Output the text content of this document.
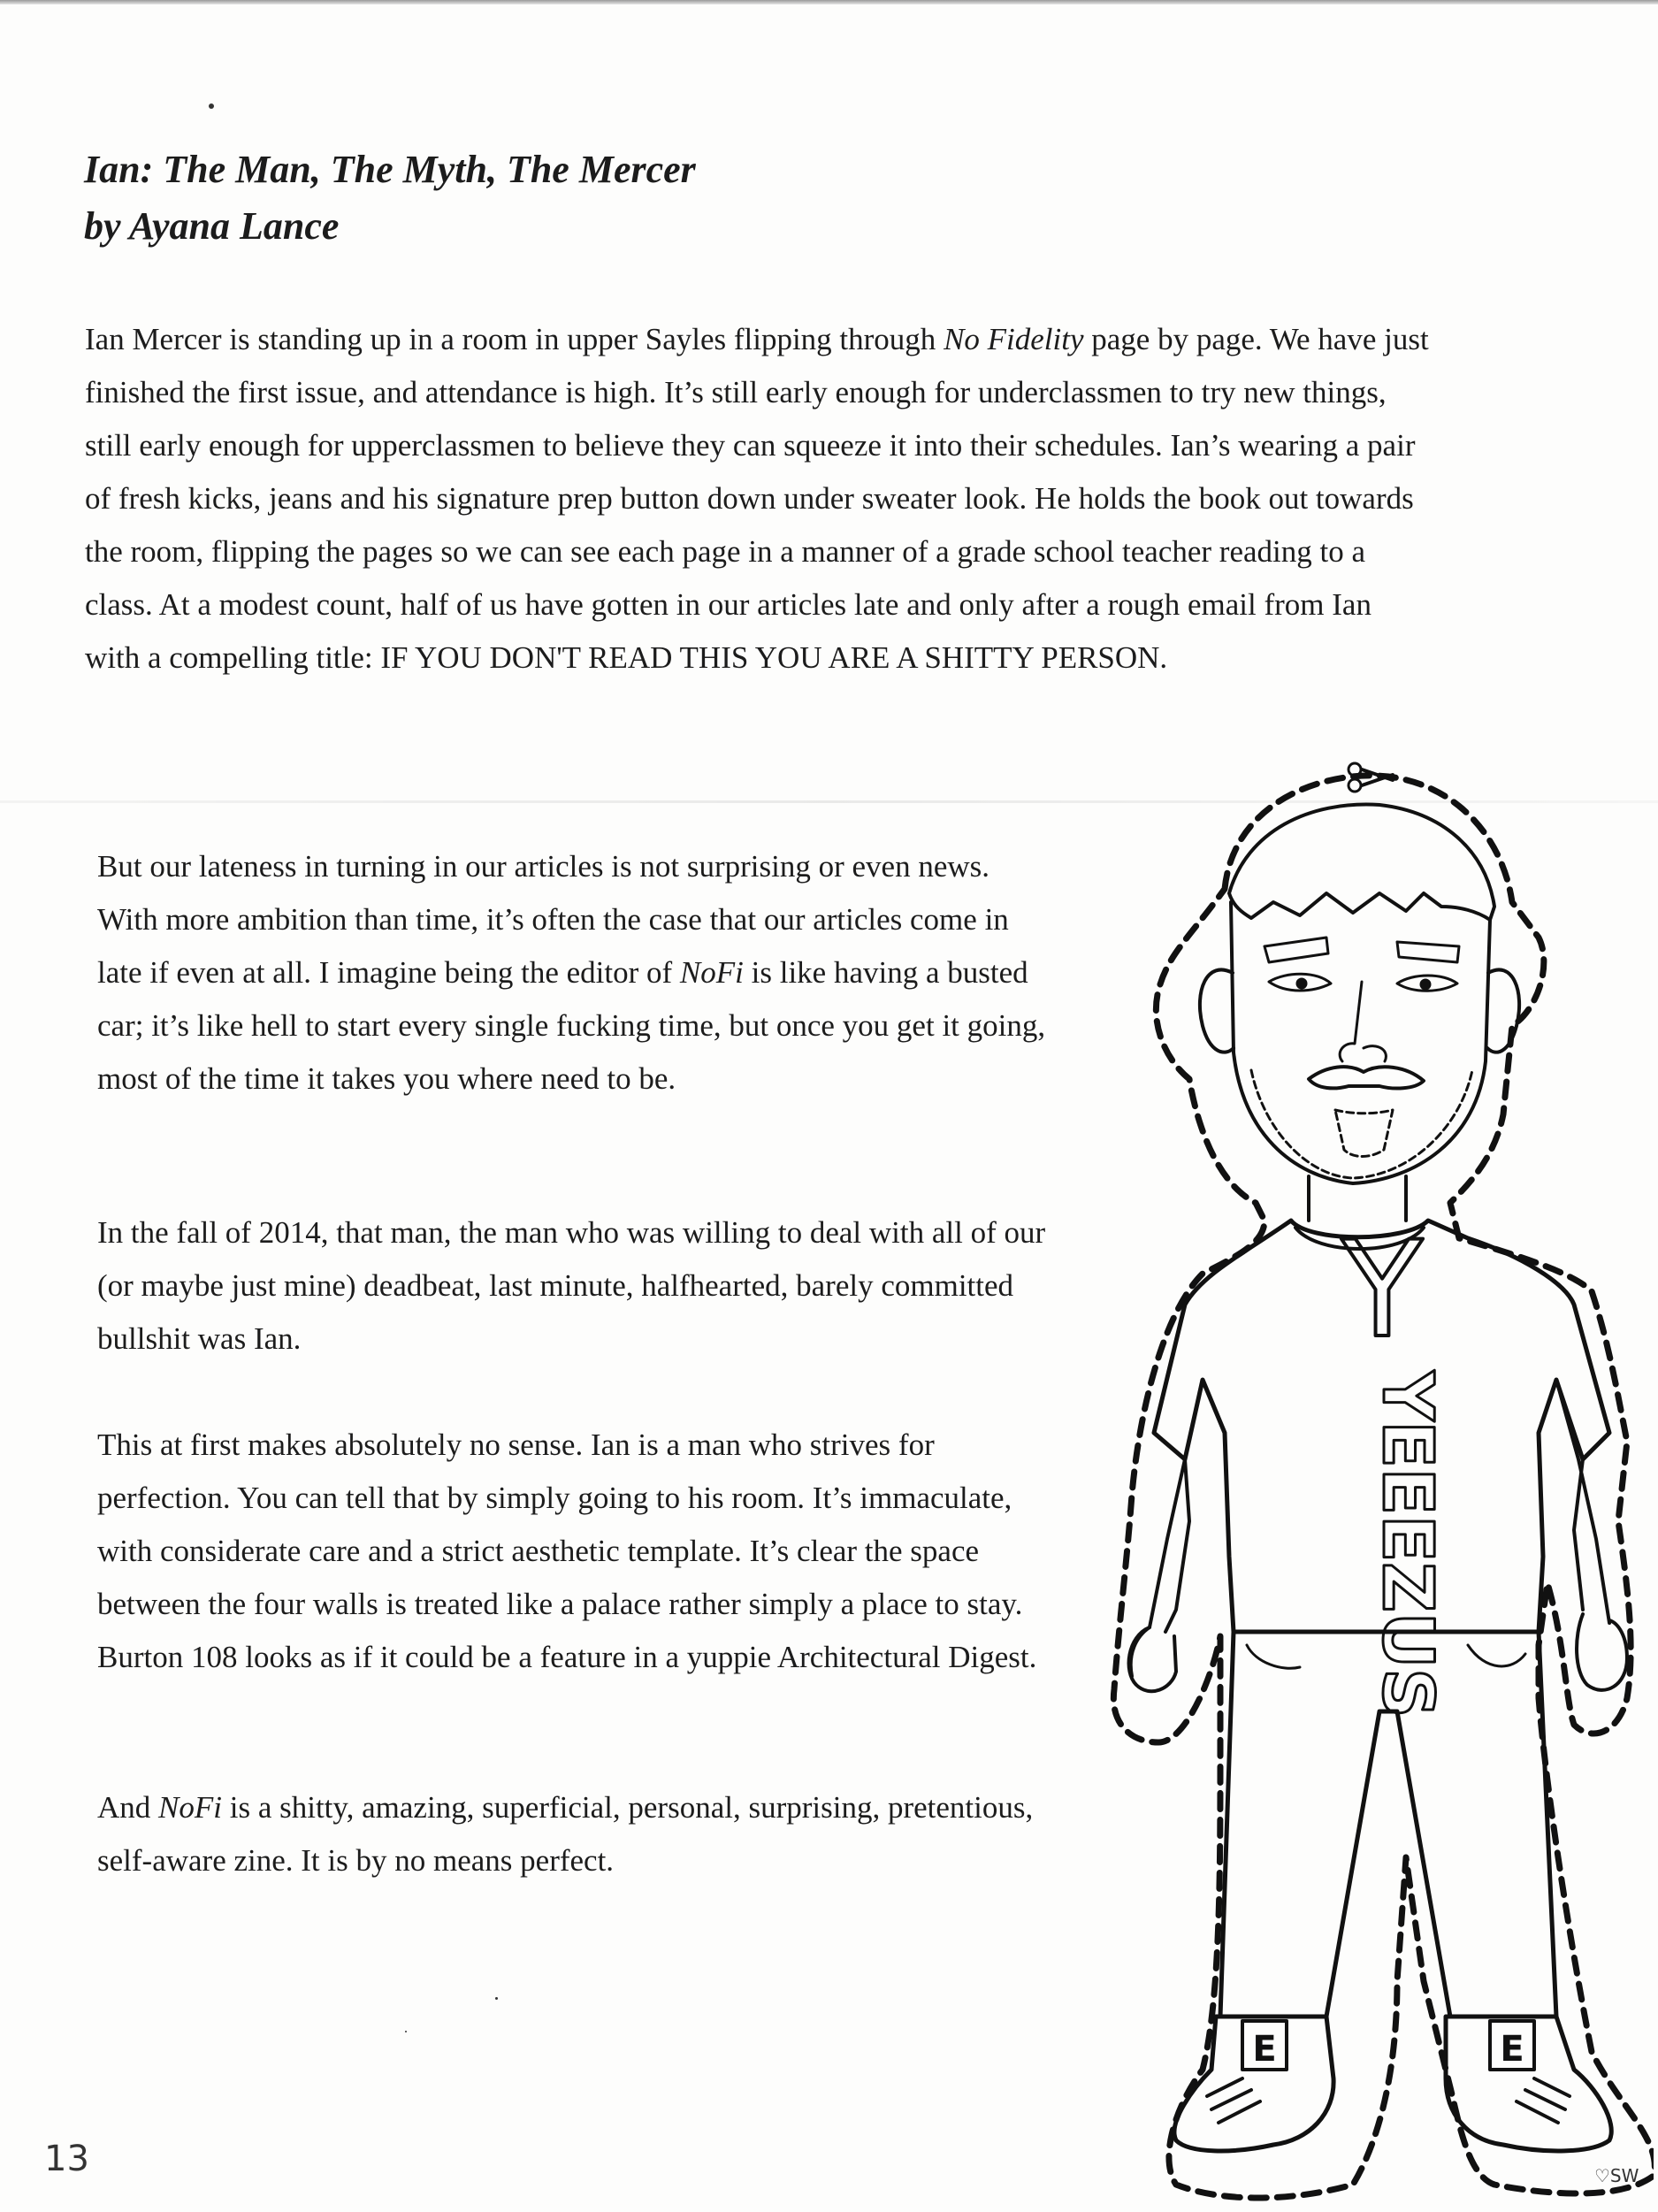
Ian: The Man, The Myth, The Mercer
by Ayana Lance

Ian Mercer is standing up in a room in upper Sayles flipping through No Fidelity page by page. We have just finished the first issue, and attendance is high. It’s still early enough for underclassmen to try new things, still early enough for upperclassmen to believe they can squeeze it into their schedules. Ian’s wearing a pair of fresh kicks, jeans and his signature prep button down under sweater look. He holds the book out towards the room, flipping the pages so we can see each page in a manner of a grade school teacher reading to a class. At a modest count, half of us have gotten in our articles late and only after a rough email from Ian with a compelling title: IF YOU DON'T READ THIS YOU ARE A SHITTY PERSON.

But our lateness in turning in our articles is not surprising or even news. With more ambition than time, it’s often the case that our articles come in late if even at all. I imagine being the editor of NoFi is like having a busted car; it’s like hell to start every single fucking time, but once you get it going, most of the time it takes you where need to be.

In the fall of 2014, that man, the man who was willing to deal with all of our (or maybe just mine) deadbeat, last minute, halfhearted, barely committed bullshit was Ian.

This at first makes absolutely no sense. Ian is a man who strives for perfection. You can tell that by simply going to his room. It’s immaculate, with considerate care and a strict aesthetic template. It’s clear the space between the four walls is treated like a palace rather simply a place to stay. Burton 108 looks as if it could be a feature in a yuppie Architectural Digest.

And NoFi is a shitty, amazing, superficial, personal, surprising, pretentious, self-aware zine. It is by no means perfect.

Y
YEEEZUS
E	E
♡SW
13
